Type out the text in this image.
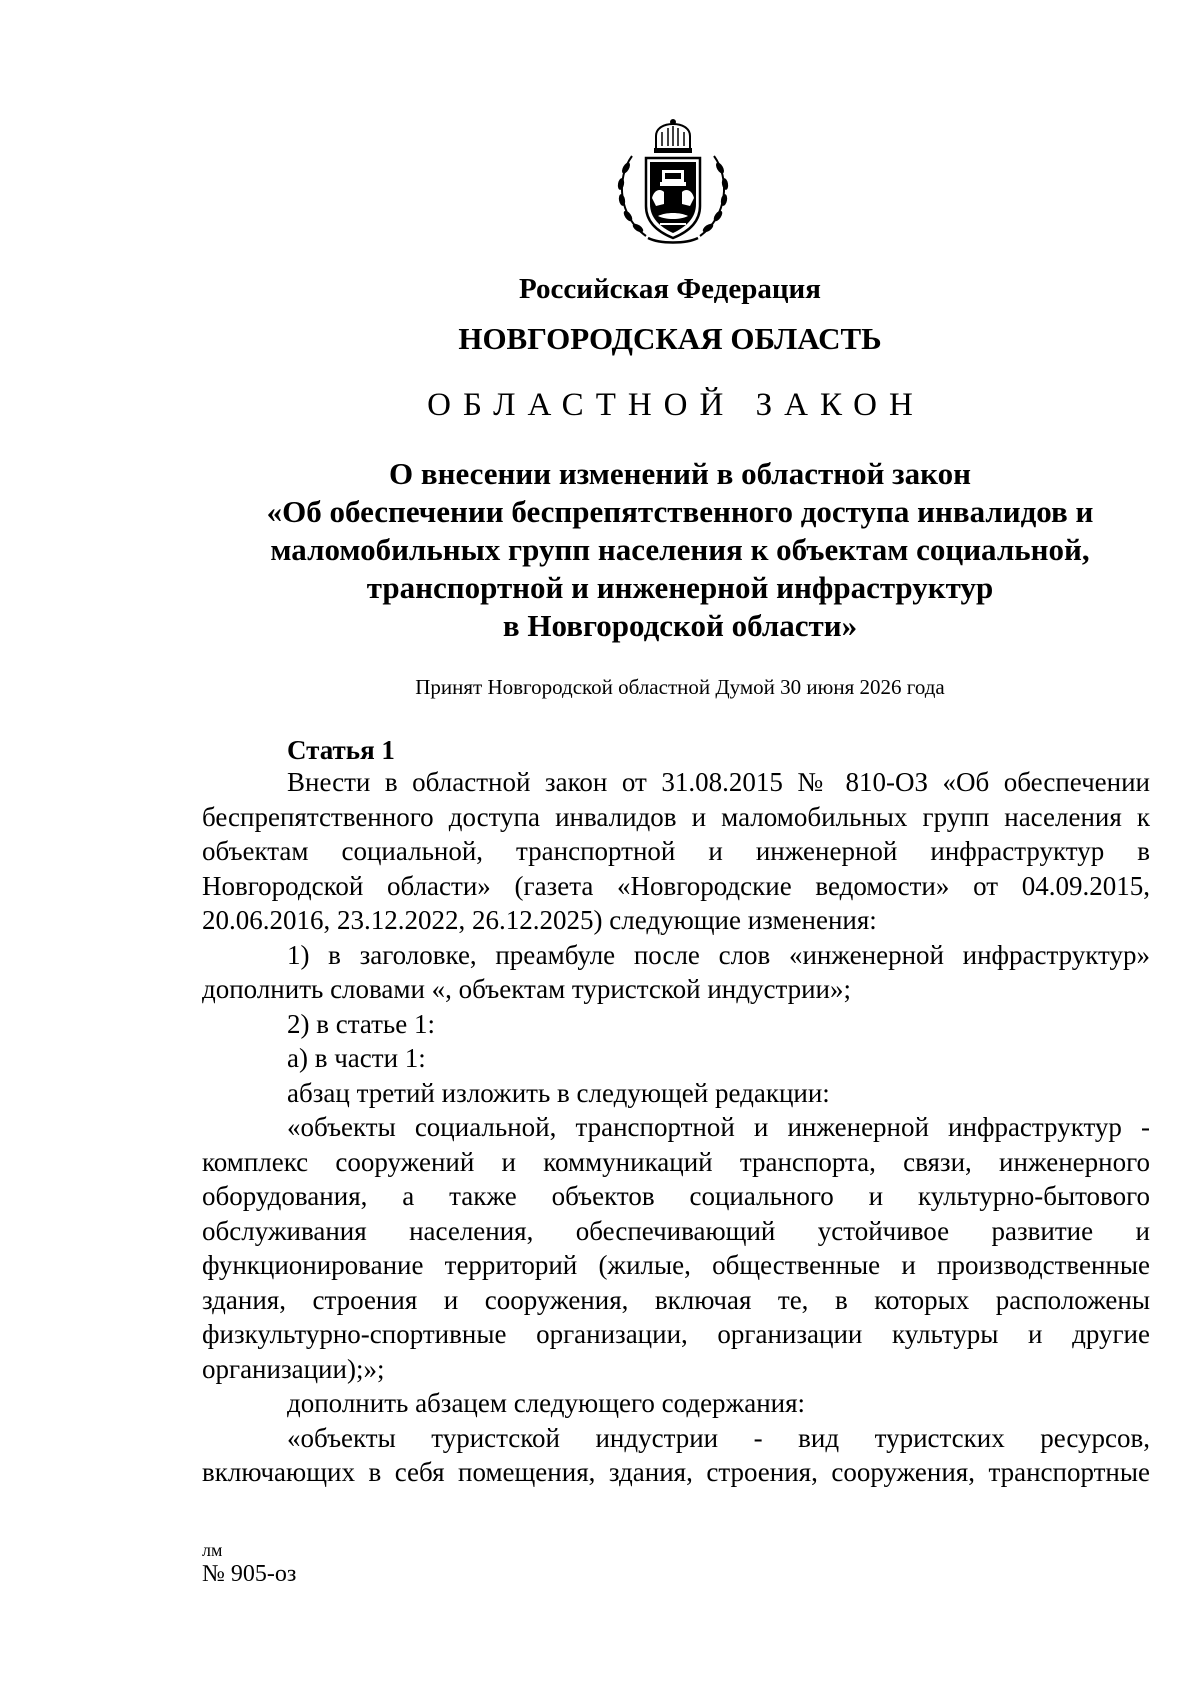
Российская Федерация
НОВГОРОДСКАЯ ОБЛАСТЬ
ОБЛАСТНОЙ ЗАКОН
О внесении изменений в областной закон
«Об обеспечении беспрепятственного доступа инвалидов и
маломобильных групп населения к объектам социальной,
транспортной и инженерной инфраструктур
в Новгородской области»
Принят Новгородской областной Думой 30 июня 2026 года
Статья 1
Внести в областной закон от 31.08.2015 № 810-ОЗ «Об обеспечении
беспрепятственного доступа инвалидов и маломобильных групп населения к
объектам социальной, транспортной и инженерной инфраструктур в
Новгородской области» (газета «Новгородские ведомости» от 04.09.2015,
20.06.2016, 23.12.2022, 26.12.2025) следующие изменения:
1) в заголовке, преамбуле после слов «инженерной инфраструктур»
дополнить словами «, объектам туристской индустрии»;
2) в статье 1:
а) в части 1:
абзац третий изложить в следующей редакции:
«объекты социальной, транспортной и инженерной инфраструктур -
комплекс сооружений и коммуникаций транспорта, связи, инженерного
оборудования, а также объектов социального и культурно-бытового
обслуживания населения, обеспечивающий устойчивое развитие и
функционирование территорий (жилые, общественные и производственные
здания, строения и сооружения, включая те, в которых расположены
физкультурно-спортивные организации, организации культуры и другие
организации);»;
дополнить абзацем следующего содержания:
«объекты туристской индустрии - вид туристских ресурсов,
включающих в себя помещения, здания, строения, сооружения, транспортные
лм
№ 905-оз
